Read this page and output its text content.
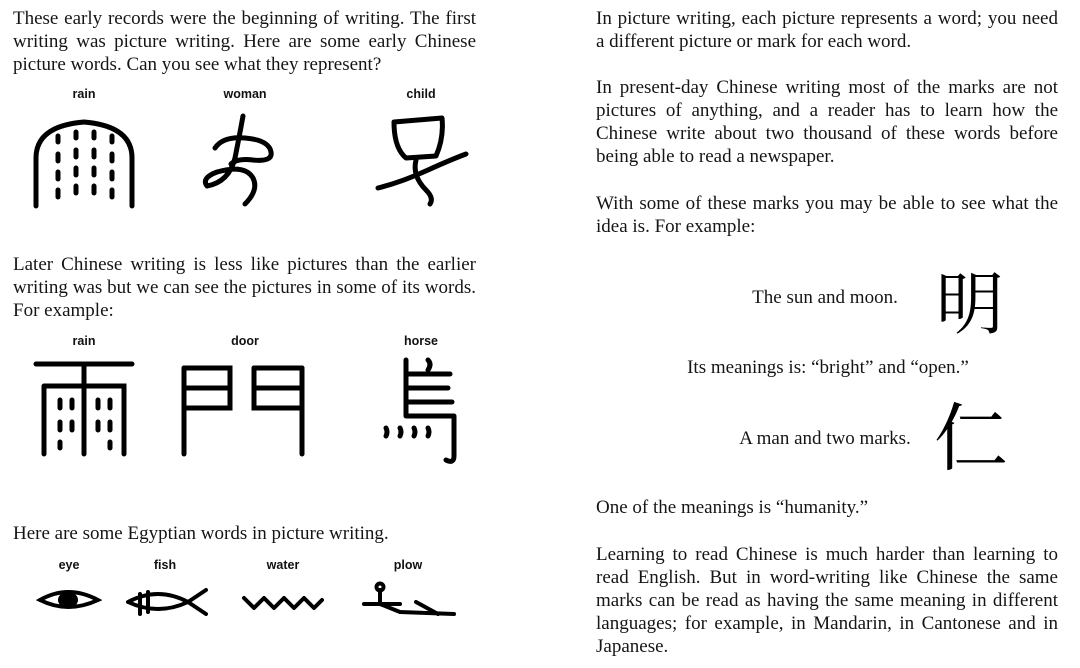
These early records were the beginning of writing. The first writing was picture writing. Here are some early Chinese picture words. Can you see what they represent?

rain	woman	child

Later Chinese writing is less like pictures than the earlier writing was but we can see the pictures in some of its words. For example:

rain	door	horse

Here are some Egyptian words in picture writing.

eye	fish	water	plow

In picture writing, each picture represents a word; you need a different picture or mark for each word.

In present-day Chinese writing most of the marks are not pictures of anything, and a reader has to learn how the Chinese write about two thousand of these words before being able to read a newspaper.

With some of these marks you may be able to see what the idea is. For example:

The sun and moon. 明

Its meanings is: “bright” and “open.”

A man and two marks. 仁

One of the meanings is “humanity.”

Learning to read Chinese is much harder than learning to read English. But in word-writing like Chinese the same marks can be read as having the same meaning in different languages; for example, in Mandarin, in Cantonese and in Japanese.
